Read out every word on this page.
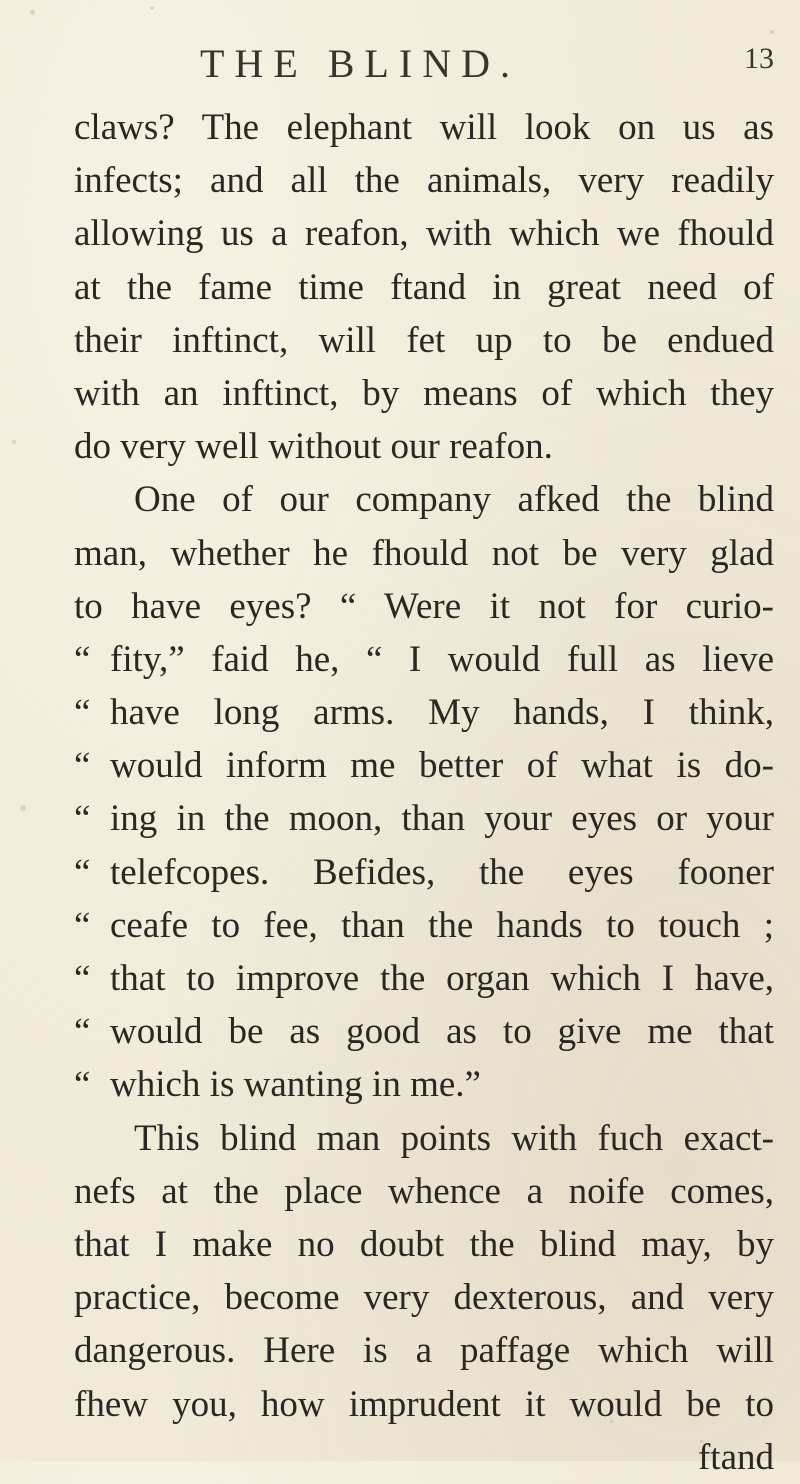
THE BLIND.	13
claws? The elephant will look on us as
infects; and all the animals, very readily
allowing us a reafon, with which we fhould
at the fame time ftand in great need of
their inftinct, will fet up to be endued
with an inftinct, by means of which they
do very well without our reafon.
One of our company afked the blind
man, whether he fhould not be very glad
to have eyes? “ Were it not for curio-
“ fity,” faid he, “ I would full as lieve
“ have long arms. My hands, I think,
“ would inform me better of what is do-
“ ing in the moon, than your eyes or your
“ telefcopes. Befides, the eyes fooner
“ ceafe to fee, than the hands to touch ;
“ that to improve the organ which I have,
“ would be as good as to give me that
“ which is wanting in me.”
This blind man points with fuch exact-
nefs at the place whence a noife comes,
that I make no doubt the blind may, by
practice, become very dexterous, and very
dangerous. Here is a paffage which will
fhew you, how imprudent it would be to
ftand
